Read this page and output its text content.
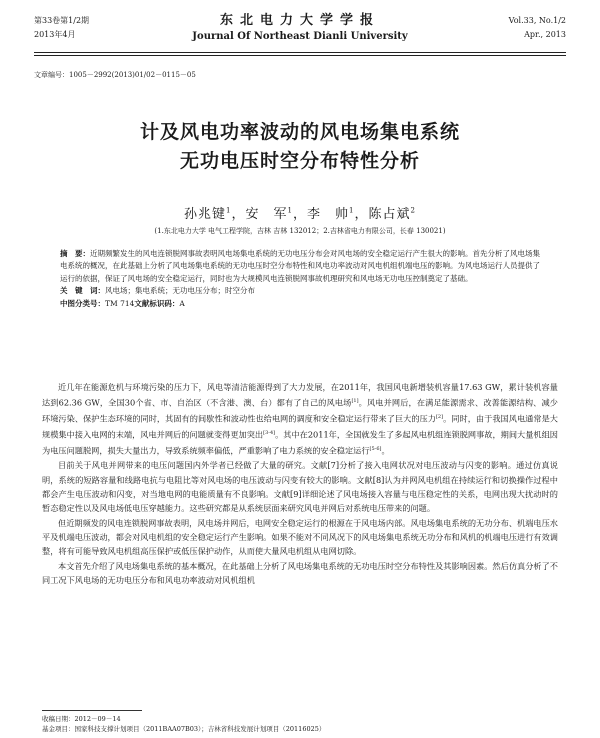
第33卷第1/2期
2013年4月
东北电力大学学报
Journal Of Northeast Dianli University
Vol.33, No.1/2
Apr., 2013
文章编号：1005－2992(2013)01/02－0115－05
计及风电功率波动的风电场集电系统
无功电压时空分布特性分析
孙兆键$^1$，安　军$^1$，李　帅$^1$，陈占斌$^2$
(1.东北电力大学 电气工程学院，吉林 吉林 132012；2.吉林省电力有限公司，长春 130021)

摘　要：近期频繁发生的风电连锁脱网事故表明风电场集电系统的无功电压分布会对风电场的安全稳定运行产生很大的影响。首先分析了风电场集电系统的概况，在此基础上分析了风电场集电系统的无功电压时空分布特性和风电功率波动对风电机组机端电压的影响。为风电场运行人员提供了运行的依据，保证了风电场的安全稳定运行，同时也为大规模风电连锁脱网事故机理研究和风电场无功电压控制奠定了基础。

关　键　词：风电场；集电系统；无功电压分布；时空分布

中图分类号：TM 714文献标识码：A

近几年在能源危机与环境污染的压力下，风电等清洁能源得到了大力发展，在2011年，我国风电新增装机容量17.63 GW，累计装机容量达到62.36 GW，全国30个省、市、自治区（不含港、澳、台）都有了自己的风电场[1]。风电并网后，在满足能源需求、改善能源结构、减少环境污染、保护生态环境的同时，其固有的间歇性和波动性也给电网的调度和安全稳定运行带来了巨大的压力[2]。同时，由于我国风电通常是大规模集中接入电网的末端，风电并网后的问题就变得更加突出[3-4]。其中在2011年，全国就发生了多起风电机组连锁脱网事故，期间大量机组因为电压问题脱网，损失大量出力，导致系统频率偏低，严重影响了电力系统的安全稳定运行[5-6]。

目前关于风电并网带来的电压问题国内外学者已经做了大量的研究。文献[7]分析了接入电网状况对电压波动与闪变的影响。通过仿真说明，系统的短路容量和线路电抗与电阻比等对风电场的电压波动与闪变有较大的影响。文献[8]认为并网风电机组在持续运行和切换操作过程中都会产生电压波动和闪变，对当地电网的电能质量有不良影响。文献[9]详细论述了风电场接入容量与电压稳定性的关系，电网出现大扰动时的暂态稳定性以及风电场低电压穿越能力。这些研究都是从系统层面来研究风电并网后对系统电压带来的问题。

但近期频发的风电连锁脱网事故表明，风电场并网后，电网安全稳定运行的根源在于风电场内部。风电场集电系统的无功分布、机端电压水平及机端电压波动，都会对风电机组的安全稳定运行产生影响。如果不能对不同风况下的风电场集电系统无功分布和风机的机端电压进行有效调整，将有可能导致风电机组高压保护或低压保护动作，从而使大量风电机组从电网切除。

本文首先介绍了风电场集电系统的基本概况，在此基础上分析了风电场集电系统的无功电压时空分布特性及其影响因素。然后仿真分析了不同工况下风电场的无功电压分布和风电功率波动对风机组机

收稿日期：2012－09－14
基金项目：国家科技支撑计划项目（2011BAA07B03）；吉林省科技发展计划项目（20116025）
